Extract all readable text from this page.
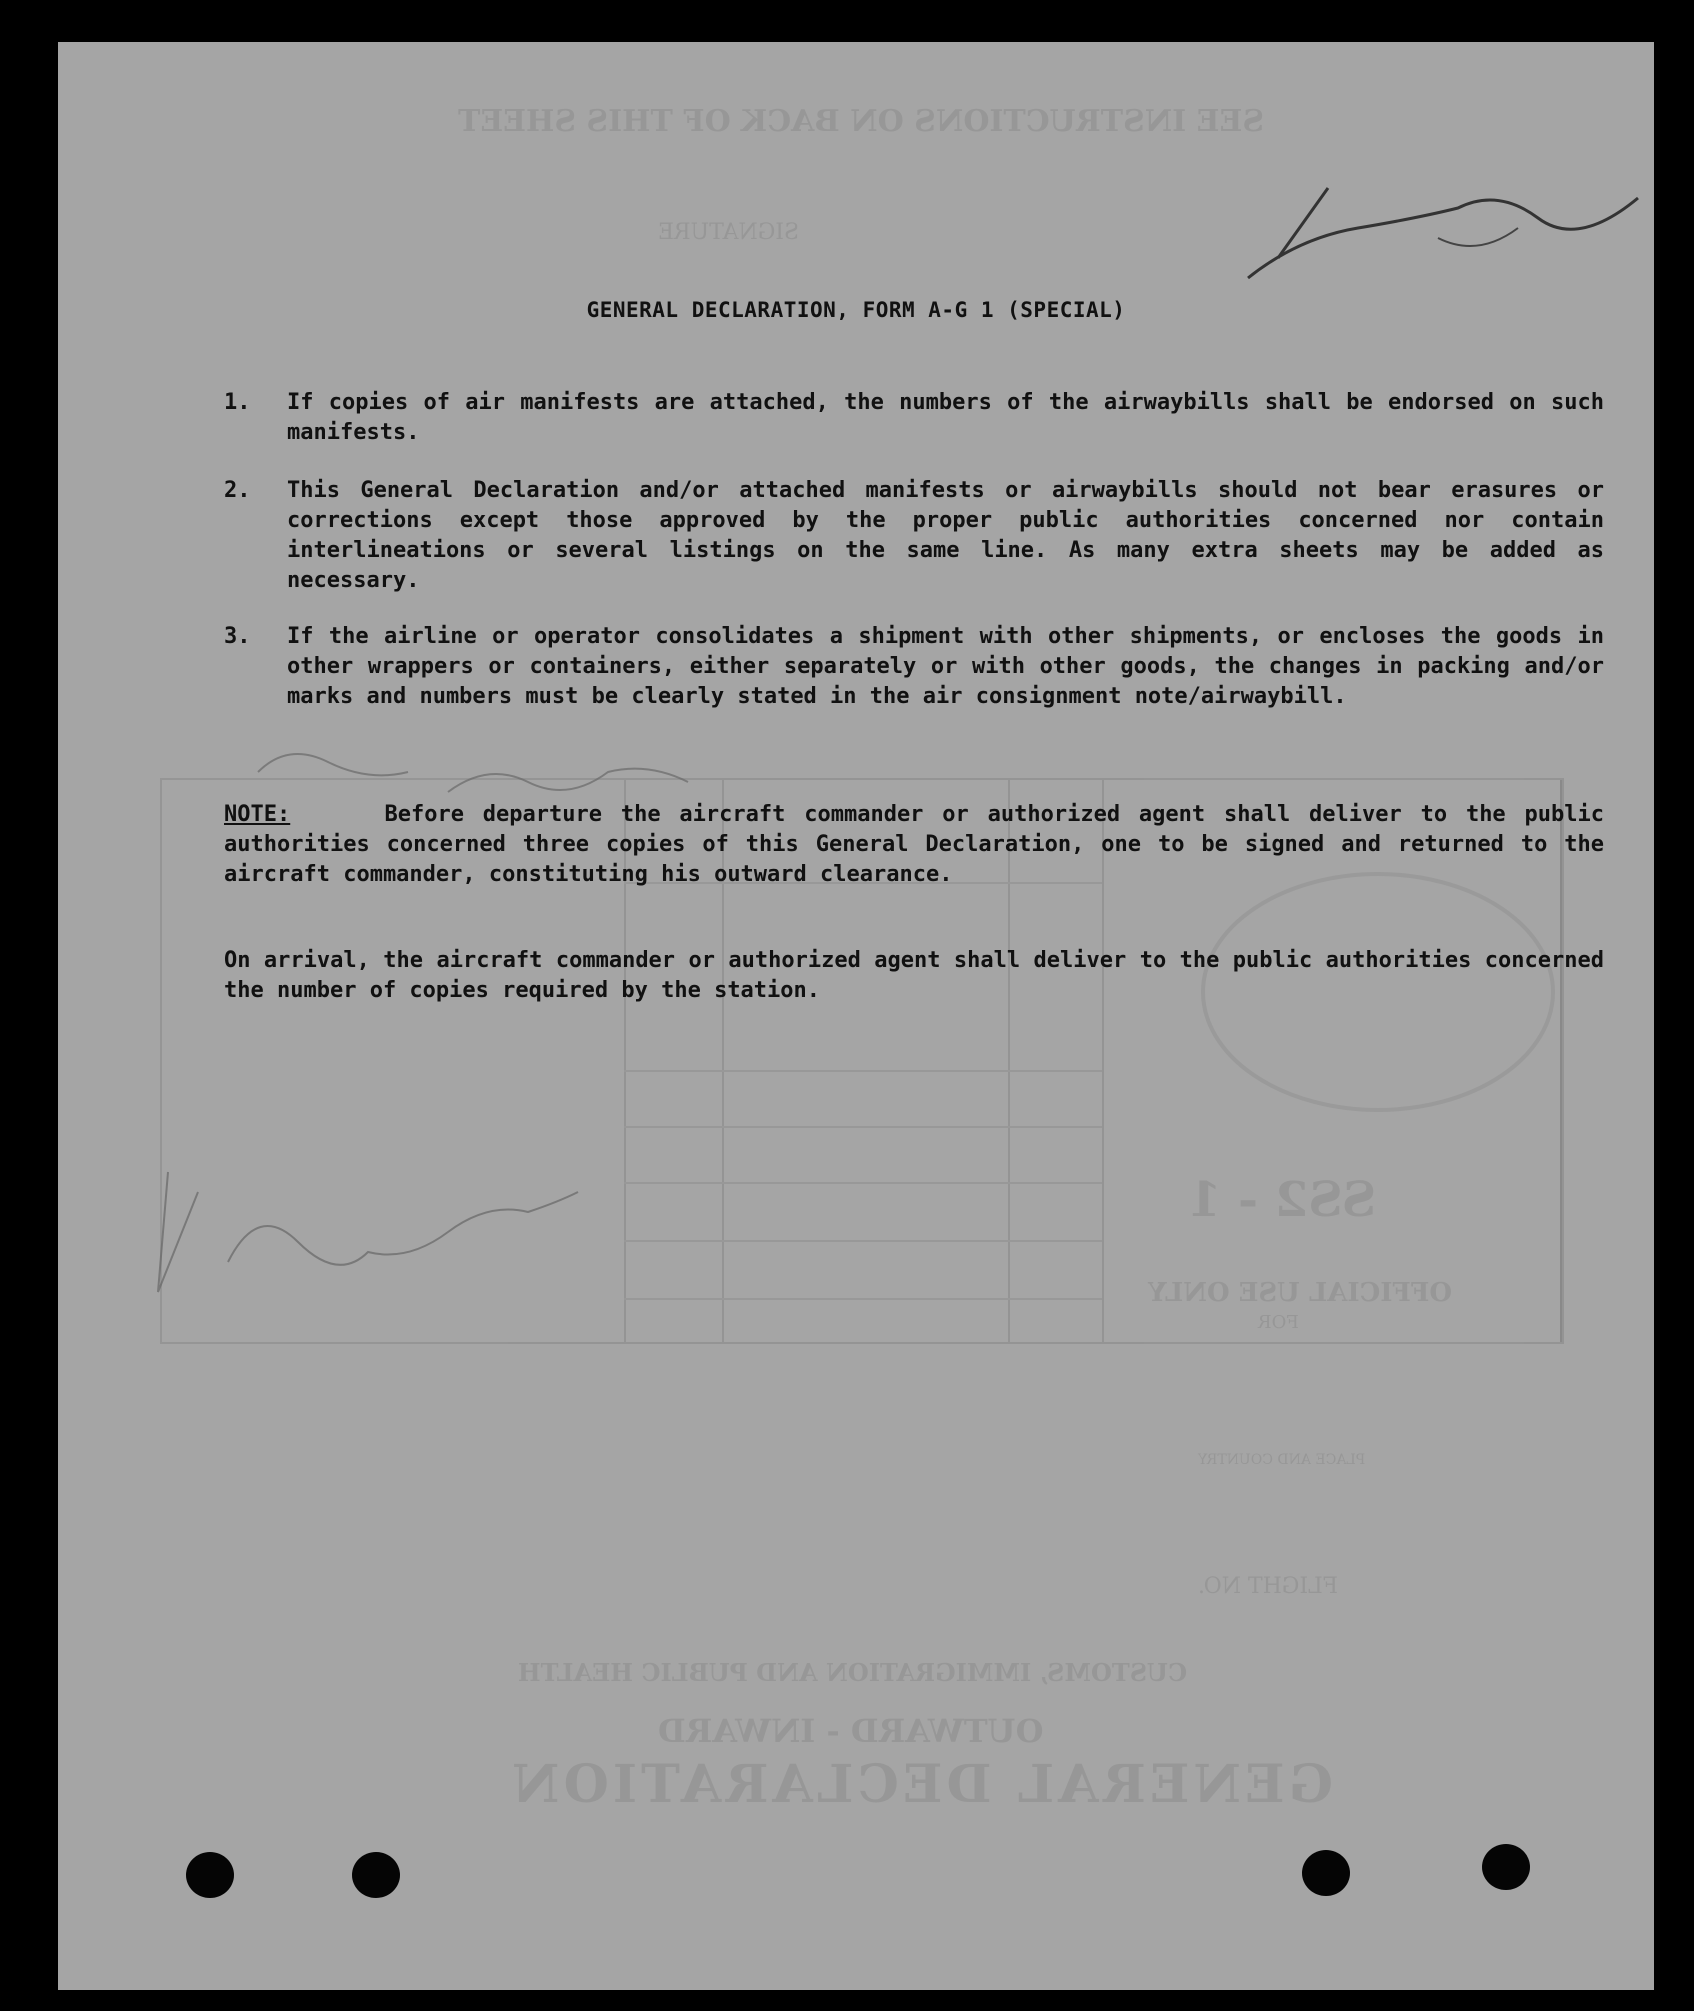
SEE INSTRUCTIONS ON BACK OF THIS SHEET
SIGNATURE
OFFICIAL USE ONLY
FOR
SS2 - 1
FLIGHT NO.
PLACE AND COUNTRY
CUSTOMS, IMMIGRATION AND PUBLIC HEALTH
OUTWARD - INWARD
GENERAL DECLARATION
GENERAL DECLARATION, FORM A-G 1 (SPECIAL)
1. If copies of air manifests are attached, the numbers of the airwaybills shall be endorsed on such manifests.
2. This General Declaration and/or attached manifests or airwaybills should not bear erasures or corrections except those approved by the proper public authorities concerned nor contain interlineations or several listings on the same line. As many extra sheets may be added as necessary.
3. If the airline or operator consolidates a shipment with other shipments, or encloses the goods in other wrappers or containers, either separately or with other goods, the changes in packing and/or marks and numbers must be clearly stated in the air consignment note/airwaybill.
NOTE:	Before departure the aircraft commander or authorized agent shall deliver to the public authorities concerned three copies of this General Declaration, one to be signed and returned to the aircraft commander, constituting his outward clearance.
On arrival, the aircraft commander or authorized agent shall deliver to the public authorities concerned the number of copies required by the station.
